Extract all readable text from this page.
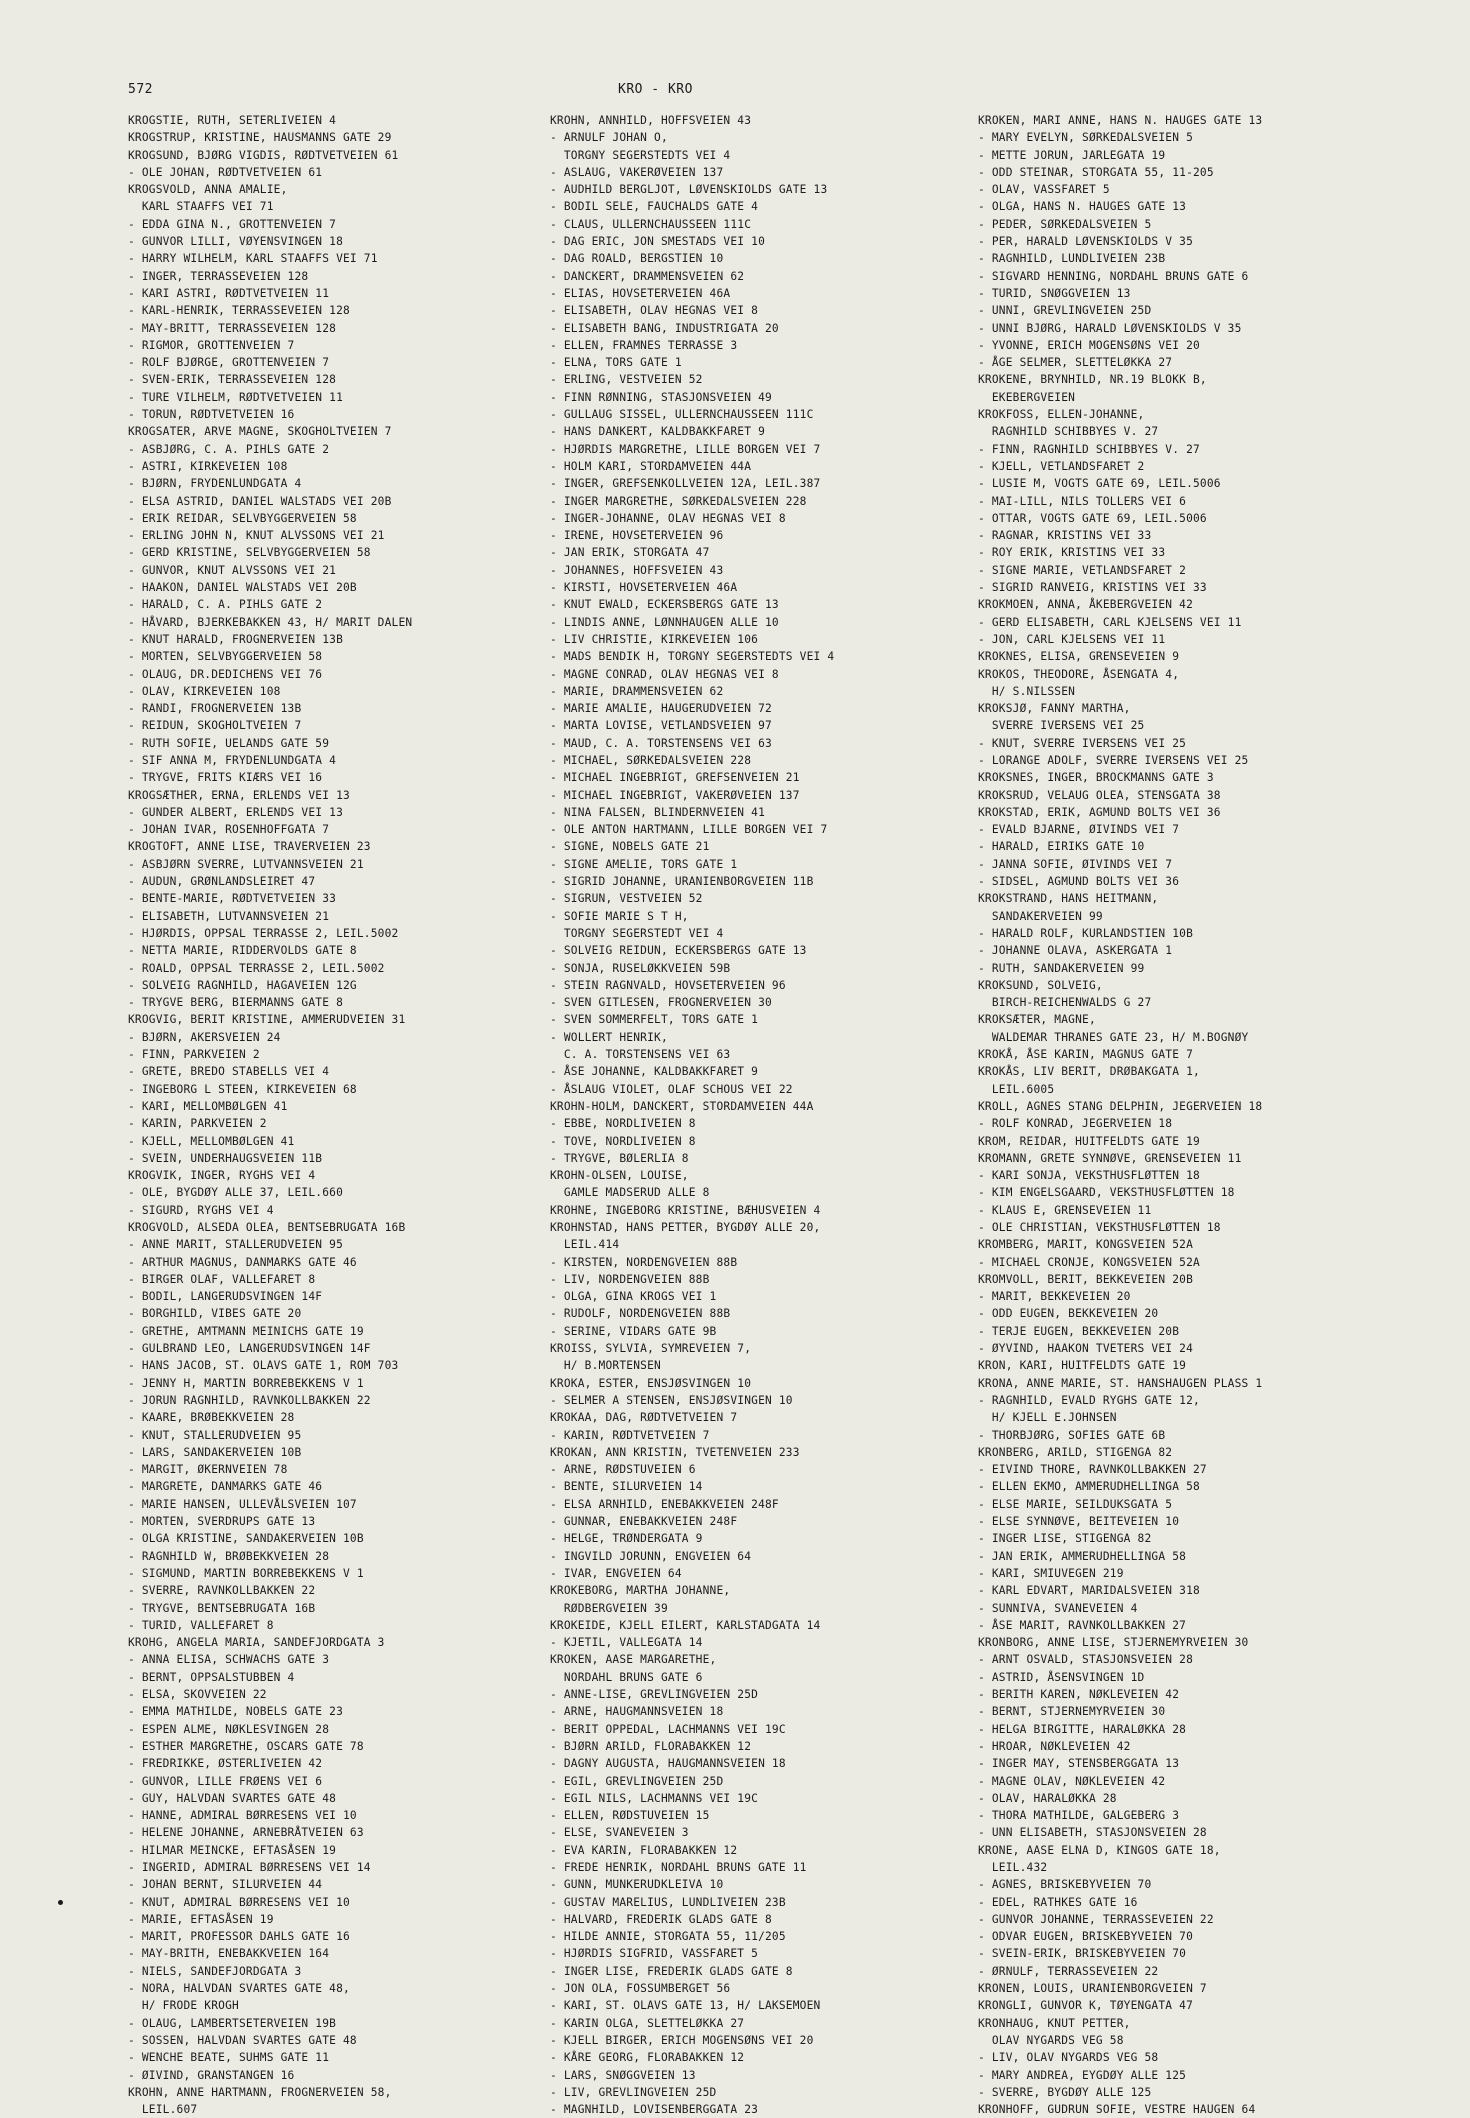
572	KRO - KRO
KROGSTIE, RUTH, SETERLIVEIEN 4
KROGSTRUP, KRISTINE, HAUSMANNS GATE 29
KROGSUND, BJØRG VIGDIS, RØDTVETVEIEN 61
- OLE JOHAN, RØDTVETVEIEN 61
KROGSVOLD, ANNA AMALIE,
KARL STAAFFS VEI 71
- EDDA GINA N., GROTTENVEIEN 7
- GUNVOR LILLI, VØYENSVINGEN 18
- HARRY WILHELM, KARL STAAFFS VEI 71
- INGER, TERRASSEVEIEN 128
- KARI ASTRI, RØDTVETVEIEN 11
- KARL-HENRIK, TERRASSEVEIEN 128
- MAY-BRITT, TERRASSEVEIEN 128
- RIGMOR, GROTTENVEIEN 7
- ROLF BJØRGE, GROTTENVEIEN 7
- SVEN-ERIK, TERRASSEVEIEN 128
- TURE VILHELM, RØDTVETVEIEN 11
- TORUN, RØDTVETVEIEN 16
KROGSATER, ARVE MAGNE, SKOGHOLTVEIEN 7
- ASBJØRG, C. A. PIHLS GATE 2
- ASTRI, KIRKEVEIEN 108
- BJØRN, FRYDENLUNDGATA 4
- ELSA ASTRID, DANIEL WALSTADS VEI 20B
- ERIK REIDAR, SELVBYGGERVEIEN 58
- ERLING JOHN N, KNUT ALVSSONS VEI 21
- GERD KRISTINE, SELVBYGGERVEIEN 58
- GUNVOR, KNUT ALVSSONS VEI 21
- HAAKON, DANIEL WALSTADS VEI 20B
- HARALD, C. A. PIHLS GATE 2
- HÅVARD, BJERKEBAKKEN 43, H/ MARIT DALEN
- KNUT HARALD, FROGNERVEIEN 13B
- MORTEN, SELVBYGGERVEIEN 58
- OLAUG, DR.DEDICHENS VEI 76
- OLAV, KIRKEVEIEN 108
- RANDI, FROGNERVEIEN 13B
- REIDUN, SKOGHOLTVEIEN 7
- RUTH SOFIE, UELANDS GATE 59
- SIF ANNA M, FRYDENLUNDGATA 4
- TRYGVE, FRITS KIÆRS VEI 16
KROGSÆTHER, ERNA, ERLENDS VEI 13
- GUNDER ALBERT, ERLENDS VEI 13
- JOHAN IVAR, ROSENHOFFGATA 7
KROGTOFT, ANNE LISE, TRAVERVEIEN 23
- ASBJØRN SVERRE, LUTVANNSVEIEN 21
- AUDUN, GRØNLANDSLEIRET 47
- BENTE-MARIE, RØDTVETVEIEN 33
- ELISABETH, LUTVANNSVEIEN 21
- HJØRDIS, OPPSAL TERRASSE 2, LEIL.5002
- NETTA MARIE, RIDDERVOLDS GATE 8
- ROALD, OPPSAL TERRASSE 2, LEIL.5002
- SOLVEIG RAGNHILD, HAGAVEIEN 12G
- TRYGVE BERG, BIERMANNS GATE 8
KROGVIG, BERIT KRISTINE, AMMERUDVEIEN 31
- BJØRN, AKERSVEIEN 24
- FINN, PARKVEIEN 2
- GRETE, BREDO STABELLS VEI 4
- INGEBORG L STEEN, KIRKEVEIEN 68
- KARI, MELLOMBØLGEN 41
- KARIN, PARKVEIEN 2
- KJELL, MELLOMBØLGEN 41
- SVEIN, UNDERHAUGSVEIEN 11B
KROGVIK, INGER, RYGHS VEI 4
- OLE, BYGDØY ALLE 37, LEIL.660
- SIGURD, RYGHS VEI 4
KROGVOLD, ALSEDA OLEA, BENTSEBRUGATA 16B
- ANNE MARIT, STALLERUDVEIEN 95
- ARTHUR MAGNUS, DANMARKS GATE 46
- BIRGER OLAF, VALLEFARET 8
- BODIL, LANGERUDSVINGEN 14F
- BORGHILD, VIBES GATE 20
- GRETHE, AMTMANN MEINICHS GATE 19
- GULBRAND LEO, LANGERUDSVINGEN 14F
- HANS JACOB, ST. OLAVS GATE 1, ROM 703
- JENNY H, MARTIN BORREBEKKENS V 1
- JORUN RAGNHILD, RAVNKOLLBAKKEN 22
- KAARE, BRØBEKKVEIEN 28
- KNUT, STALLERUDVEIEN 95
- LARS, SANDAKERVEIEN 10B
- MARGIT, ØKERNVEIEN 78
- MARGRETE, DANMARKS GATE 46
- MARIE HANSEN, ULLEVÅLSVEIEN 107
- MORTEN, SVERDRUPS GATE 13
- OLGA KRISTINE, SANDAKERVEIEN 10B
- RAGNHILD W, BRØBEKKVEIEN 28
- SIGMUND, MARTIN BORREBEKKENS V 1
- SVERRE, RAVNKOLLBAKKEN 22
- TRYGVE, BENTSEBRUGATA 16B
- TURID, VALLEFARET 8
KROHG, ANGELA MARIA, SANDEFJORDGATA 3
- ANNA ELISA, SCHWACHS GATE 3
- BERNT, OPPSALSTUBBEN 4
- ELSA, SKOVVEIEN 22
- EMMA MATHILDE, NOBELS GATE 23
- ESPEN ALME, NØKLESVINGEN 28
- ESTHER MARGRETHE, OSCARS GATE 78
- FREDRIKKE, ØSTERLIVEIEN 42
- GUNVOR, LILLE FRØENS VEI 6
- GUY, HALVDAN SVARTES GATE 48
- HANNE, ADMIRAL BØRRESENS VEI 10
- HELENE JOHANNE, ARNEBRÅTVEIEN 63
- HILMAR MEINCKE, EFTASÅSEN 19
- INGERID, ADMIRAL BØRRESENS VEI 14
- JOHAN BERNT, SILURVEIEN 44
- KNUT, ADMIRAL BØRRESENS VEI 10
- MARIE, EFTASÅSEN 19
- MARIT, PROFESSOR DAHLS GATE 16
- MAY-BRITH, ENEBAKKVEIEN 164
- NIELS, SANDEFJORDGATA 3
- NORA, HALVDAN SVARTES GATE 48,
H/ FRODE KROGH
- OLAUG, LAMBERTSETERVEIEN 19B
- SOSSEN, HALVDAN SVARTES GATE 48
- WENCHE BEATE, SUHMS GATE 11
- ØIVIND, GRANSTANGEN 16
KROHN, ANNE HARTMANN, FROGNERVEIEN 58,
LEIL.607
KROHN, ANNHILD, HOFFSVEIEN 43
- ARNULF JOHAN O,
TORGNY SEGERSTEDTS VEI 4
- ASLAUG, VAKERØVEIEN 137
- AUDHILD BERGLJOT, LØVENSKIOLDS GATE 13
- BODIL SELE, FAUCHALDS GATE 4
- CLAUS, ULLERNCHAUSSEEN 111C
- DAG ERIC, JON SMESTADS VEI 10
- DAG ROALD, BERGSTIEN 10
- DANCKERT, DRAMMENSVEIEN 62
- ELIAS, HOVSETERVEIEN 46A
- ELISABETH, OLAV HEGNAS VEI 8
- ELISABETH BANG, INDUSTRIGATA 20
- ELLEN, FRAMNES TERRASSE 3
- ELNA, TORS GATE 1
- ERLING, VESTVEIEN 52
- FINN RØNNING, STASJONSVEIEN 49
- GULLAUG SISSEL, ULLERNCHAUSSEEN 111C
- HANS DANKERT, KALDBAKKFARET 9
- HJØRDIS MARGRETHE, LILLE BORGEN VEI 7
- HOLM KARI, STORDAMVEIEN 44A
- INGER, GREFSENKOLLVEIEN 12A, LEIL.387
- INGER MARGRETHE, SØRKEDALSVEIEN 228
- INGER-JOHANNE, OLAV HEGNAS VEI 8
- IRENE, HOVSETERVEIEN 96
- JAN ERIK, STORGATA 47
- JOHANNES, HOFFSVEIEN 43
- KIRSTI, HOVSETERVEIEN 46A
- KNUT EWALD, ECKERSBERGS GATE 13
- LINDIS ANNE, LØNNHAUGEN ALLE 10
- LIV CHRISTIE, KIRKEVEIEN 106
- MADS BENDIK H, TORGNY SEGERSTEDTS VEI 4
- MAGNE CONRAD, OLAV HEGNAS VEI 8
- MARIE, DRAMMENSVEIEN 62
- MARIE AMALIE, HAUGERUDVEIEN 72
- MARTA LOVISE, VETLANDSVEIEN 97
- MAUD, C. A. TORSTENSENS VEI 63
- MICHAEL, SØRKEDALSVEIEN 228
- MICHAEL INGEBRIGT, GREFSENVEIEN 21
- MICHAEL INGEBRIGT, VAKERØVEIEN 137
- NINA FALSEN, BLINDERNVEIEN 41
- OLE ANTON HARTMANN, LILLE BORGEN VEI 7
- SIGNE, NOBELS GATE 21
- SIGNE AMELIE, TORS GATE 1
- SIGRID JOHANNE, URANIENBORGVEIEN 11B
- SIGRUN, VESTVEIEN 52
- SOFIE MARIE S T H,
TORGNY SEGERSTEDT VEI 4
- SOLVEIG REIDUN, ECKERSBERGS GATE 13
- SONJA, RUSELØKKVEIEN 59B
- STEIN RAGNVALD, HOVSETERVEIEN 96
- SVEN GITLESEN, FROGNERVEIEN 30
- SVEN SOMMERFELT, TORS GATE 1
- WOLLERT HENRIK,
C. A. TORSTENSENS VEI 63
- ÅSE JOHANNE, KALDBAKKFARET 9
- ÅSLAUG VIOLET, OLAF SCHOUS VEI 22
KROHN-HOLM, DANCKERT, STORDAMVEIEN 44A
- EBBE, NORDLIVEIEN 8
- TOVE, NORDLIVEIEN 8
- TRYGVE, BØLERLIA 8
KROHN-OLSEN, LOUISE,
GAMLE MADSERUD ALLE 8
KROHNE, INGEBORG KRISTINE, BÆHUSVEIEN 4
KROHNSTAD, HANS PETTER, BYGDØY ALLE 20,
LEIL.414
- KIRSTEN, NORDENGVEIEN 88B
- LIV, NORDENGVEIEN 88B
- OLGA, GINA KROGS VEI 1
- RUDOLF, NORDENGVEIEN 88B
- SERINE, VIDARS GATE 9B
KROISS, SYLVIA, SYMREVEIEN 7,
H/ B.MORTENSEN
KROKA, ESTER, ENSJØSVINGEN 10
- SELMER A STENSEN, ENSJØSVINGEN 10
KROKAA, DAG, RØDTVETVEIEN 7
- KARIN, RØDTVETVEIEN 7
KROKAN, ANN KRISTIN, TVETENVEIEN 233
- ARNE, RØDSTUVEIEN 6
- BENTE, SILURVEIEN 14
- ELSA ARNHILD, ENEBAKKVEIEN 248F
- GUNNAR, ENEBAKKVEIEN 248F
- HELGE, TRØNDERGATA 9
- INGVILD JORUNN, ENGVEIEN 64
- IVAR, ENGVEIEN 64
KROKEBORG, MARTHA JOHANNE,
RØDBERGVEIEN 39
KROKEIDE, KJELL EILERT, KARLSTADGATA 14
- KJETIL, VALLEGATA 14
KROKEN, AASE MARGARETHE,
NORDAHL BRUNS GATE 6
- ANNE-LISE, GREVLINGVEIEN 25D
- ARNE, HAUGMANNSVEIEN 18
- BERIT OPPEDAL, LACHMANNS VEI 19C
- BJØRN ARILD, FLORABAKKEN 12
- DAGNY AUGUSTA, HAUGMANNSVEIEN 18
- EGIL, GREVLINGVEIEN 25D
- EGIL NILS, LACHMANNS VEI 19C
- ELLEN, RØDSTUVEIEN 15
- ELSE, SVANEVEIEN 3
- EVA KARIN, FLORABAKKEN 12
- FREDE HENRIK, NORDAHL BRUNS GATE 11
- GUNN, MUNKERUDKLEIVA 10
- GUSTAV MARELIUS, LUNDLIVEIEN 23B
- HALVARD, FREDERIK GLADS GATE 8
- HILDE ANNIE, STORGATA 55, 11/205
- HJØRDIS SIGFRID, VASSFARET 5
- INGER LISE, FREDERIK GLADS GATE 8
- JON OLA, FOSSUMBERGET 56
- KARI, ST. OLAVS GATE 13, H/ LAKSEMOEN
- KARIN OLGA, SLETTELØKKA 27
- KJELL BIRGER, ERICH MOGENSØNS VEI 20
- KÅRE GEORG, FLORABAKKEN 12
- LARS, SNØGGVEIEN 13
- LIV, GREVLINGVEIEN 25D
- MAGNHILD, LOVISENBERGGATA 23
KROKEN, MARI ANNE, HANS N. HAUGES GATE 13
- MARY EVELYN, SØRKEDALSVEIEN 5
- METTE JORUN, JARLEGATA 19
- ODD STEINAR, STORGATA 55, 11-205
- OLAV, VASSFARET 5
- OLGA, HANS N. HAUGES GATE 13
- PEDER, SØRKEDALSVEIEN 5
- PER, HARALD LØVENSKIOLDS V 35
- RAGNHILD, LUNDLIVEIEN 23B
- SIGVARD HENNING, NORDAHL BRUNS GATE 6
- TURID, SNØGGVEIEN 13
- UNNI, GREVLINGVEIEN 25D
- UNNI BJØRG, HARALD LØVENSKIOLDS V 35
- YVONNE, ERICH MOGENSØNS VEI 20
- ÅGE SELMER, SLETTELØKKA 27
KROKENE, BRYNHILD, NR.19 BLOKK B,
EKEBERGVEIEN
KROKFOSS, ELLEN-JOHANNE,
RAGNHILD SCHIBBYES V. 27
- FINN, RAGNHILD SCHIBBYES V. 27
- KJELL, VETLANDSFARET 2
- LUSIE M, VOGTS GATE 69, LEIL.5006
- MAI-LILL, NILS TOLLERS VEI 6
- OTTAR, VOGTS GATE 69, LEIL.5006
- RAGNAR, KRISTINS VEI 33
- ROY ERIK, KRISTINS VEI 33
- SIGNE MARIE, VETLANDSFARET 2
- SIGRID RANVEIG, KRISTINS VEI 33
KROKMOEN, ANNA, ÅKEBERGVEIEN 42
- GERD ELISABETH, CARL KJELSENS VEI 11
- JON, CARL KJELSENS VEI 11
KROKNES, ELISA, GRENSEVEIEN 9
KROKOS, THEODORE, ÅSENGATA 4,
H/ S.NILSSEN
KROKSJØ, FANNY MARTHA,
SVERRE IVERSENS VEI 25
- KNUT, SVERRE IVERSENS VEI 25
- LORANGE ADOLF, SVERRE IVERSENS VEI 25
KROKSNES, INGER, BROCKMANNS GATE 3
KROKSRUD, VELAUG OLEA, STENSGATA 38
KROKSTAD, ERIK, AGMUND BOLTS VEI 36
- EVALD BJARNE, ØIVINDS VEI 7
- HARALD, EIRIKS GATE 10
- JANNA SOFIE, ØIVINDS VEI 7
- SIDSEL, AGMUND BOLTS VEI 36
KROKSTRAND, HANS HEITMANN,
SANDAKERVEIEN 99
- HARALD ROLF, KURLANDSTIEN 10B
- JOHANNE OLAVA, ASKERGATA 1
- RUTH, SANDAKERVEIEN 99
KROKSUND, SOLVEIG,
BIRCH-REICHENWALDS G 27
KROKSÆTER, MAGNE,
WALDEMAR THRANES GATE 23, H/ M.BOGNØY
KROKÅ, ÅSE KARIN, MAGNUS GATE 7
KROKÅS, LIV BERIT, DRØBAKGATA 1,
LEIL.6005
KROLL, AGNES STANG DELPHIN, JEGERVEIEN 18
- ROLF KONRAD, JEGERVEIEN 18
KROM, REIDAR, HUITFELDTS GATE 19
KROMANN, GRETE SYNNØVE, GRENSEVEIEN 11
- KARI SONJA, VEKSTHUSFLØTTEN 18
- KIM ENGELSGAARD, VEKSTHUSFLØTTEN 18
- KLAUS E, GRENSEVEIEN 11
- OLE CHRISTIAN, VEKSTHUSFLØTTEN 18
KROMBERG, MARIT, KONGSVEIEN 52A
- MICHAEL CRONJE, KONGSVEIEN 52A
KROMVOLL, BERIT, BEKKEVEIEN 20B
- MARIT, BEKKEVEIEN 20
- ODD EUGEN, BEKKEVEIEN 20
- TERJE EUGEN, BEKKEVEIEN 20B
- ØYVIND, HAAKON TVETERS VEI 24
KRON, KARI, HUITFELDTS GATE 19
KRONA, ANNE MARIE, ST. HANSHAUGEN PLASS 1
- RAGNHILD, EVALD RYGHS GATE 12,
H/ KJELL E.JOHNSEN
- THORBJØRG, SOFIES GATE 6B
KRONBERG, ARILD, STIGENGA 82
- EIVIND THORE, RAVNKOLLBAKKEN 27
- ELLEN EKMO, AMMERUDHELLINGA 58
- ELSE MARIE, SEILDUKSGATA 5
- ELSE SYNNØVE, BEITEVEIEN 10
- INGER LISE, STIGENGA 82
- JAN ERIK, AMMERUDHELLINGA 58
- KARI, SMIUVEGEN 219
- KARL EDVART, MARIDALSVEIEN 318
- SUNNIVA, SVANEVEIEN 4
- ÅSE MARIT, RAVNKOLLBAKKEN 27
KRONBORG, ANNE LISE, STJERNEMYRVEIEN 30
- ARNT OSVALD, STASJONSVEIEN 28
- ASTRID, ÅSENSVINGEN 1D
- BERITH KAREN, NØKLEVEIEN 42
- BERNT, STJERNEMYRVEIEN 30
- HELGA BIRGITTE, HARALØKKA 28
- HROAR, NØKLEVEIEN 42
- INGER MAY, STENSBERGGATA 13
- MAGNE OLAV, NØKLEVEIEN 42
- OLAV, HARALØKKA 28
- THORA MATHILDE, GALGEBERG 3
- UNN ELISABETH, STASJONSVEIEN 28
KRONE, AASE ELNA D, KINGOS GATE 18,
LEIL.432
- AGNES, BRISKEBYVEIEN 70
- EDEL, RATHKES GATE 16
- GUNVOR JOHANNE, TERRASSEVEIEN 22
- ODVAR EUGEN, BRISKEBYVEIEN 70
- SVEIN-ERIK, BRISKEBYVEIEN 70
- ØRNULF, TERRASSEVEIEN 22
KRONEN, LOUIS, URANIENBORGVEIEN 7
KRONGLI, GUNVOR K, TØYENGATA 47
KRONHAUG, KNUT PETTER,
OLAV NYGARDS VEG 58
- LIV, OLAV NYGARDS VEG 58
- MARY ANDREA, EYGDØY ALLE 125
- SVERRE, BYGDØY ALLE 125
KRONHOFF, GUDRUN SOFIE, VESTRE HAUGEN 64
